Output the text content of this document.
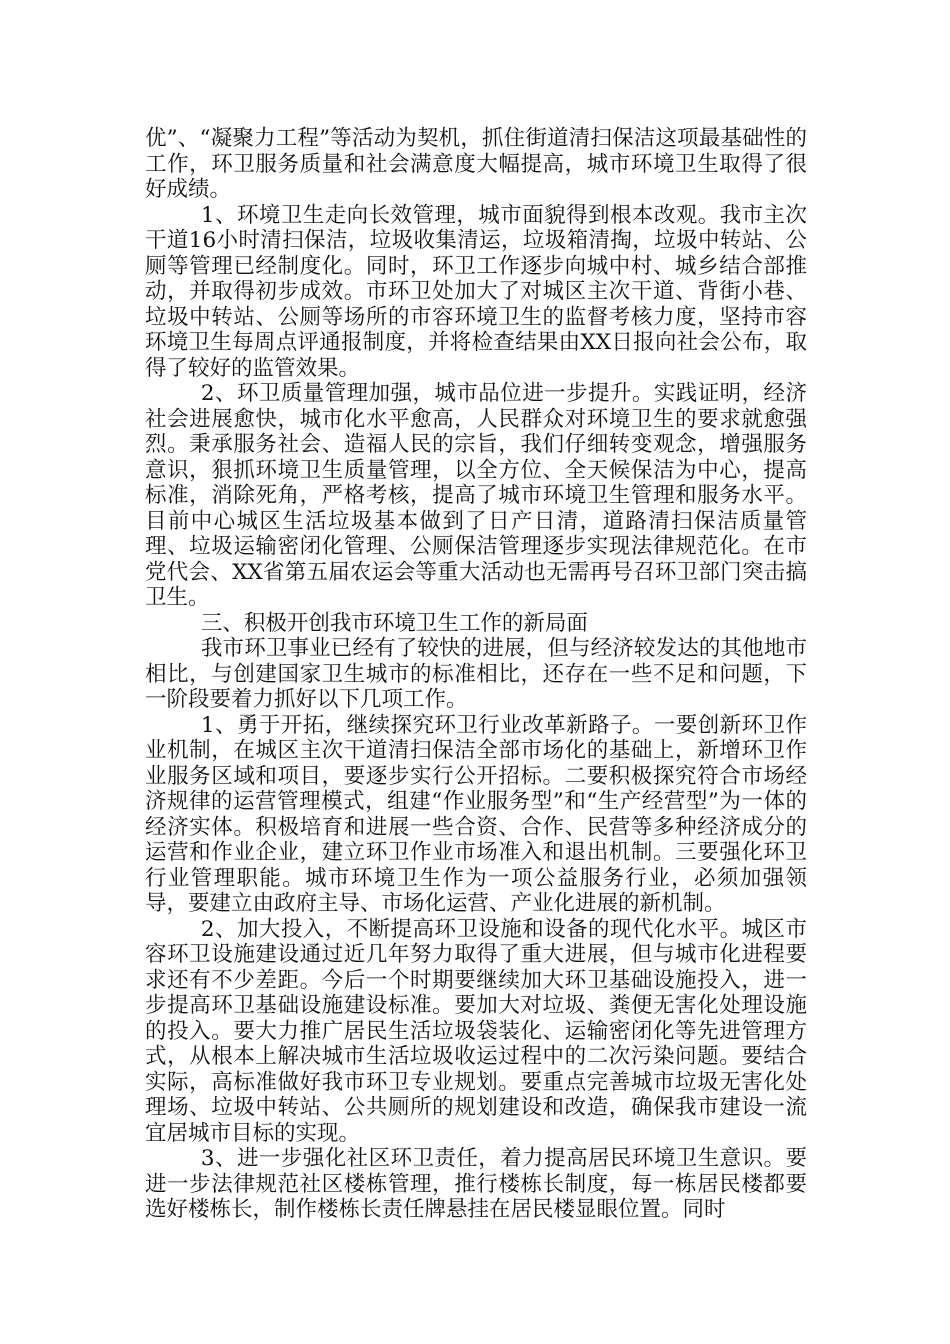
优”、“凝聚力工程”等活动为契机，抓住街道清扫保洁这项最基础性的工作，环卫服务质量和社会满意度大幅提高，城市环境卫生取得了很好成绩。

1、环境卫生走向长效管理，城市面貌得到根本改观。我市主次干道16小时清扫保洁，垃圾收集清运，垃圾箱清掏，垃圾中转站、公厕等管理已经制度化。同时，环卫工作逐步向城中村、城乡结合部推动，并取得初步成效。市环卫处加大了对城区主次干道、背街小巷、垃圾中转站、公厕等场所的市容环境卫生的监督考核力度，坚持市容环境卫生每周点评通报制度，并将检查结果由XX日报向社会公布，取得了较好的监管效果。

2、环卫质量管理加强，城市品位进一步提升。实践证明，经济社会进展愈快，城市化水平愈高，人民群众对环境卫生的要求就愈强烈。秉承服务社会、造福人民的宗旨，我们仔细转变观念，增强服务意识，狠抓环境卫生质量管理，以全方位、全天候保洁为中心，提高标准，消除死角，严格考核，提高了城市环境卫生管理和服务水平。目前中心城区生活垃圾基本做到了日产日清，道路清扫保洁质量管理、垃圾运输密闭化管理、公厕保洁管理逐步实现法律规范化。在市党代会、XX省第五届农运会等重大活动也无需再号召环卫部门突击搞卫生。

三、积极开创我市环境卫生工作的新局面

我市环卫事业已经有了较快的进展，但与经济较发达的其他地市相比，与创建国家卫生城市的标准相比，还存在一些不足和问题，下一阶段要着力抓好以下几项工作。

1、勇于开拓，继续探究环卫行业改革新路子。一要创新环卫作业机制，在城区主次干道清扫保洁全部市场化的基础上，新增环卫作业服务区域和项目，要逐步实行公开招标。二要积极探究符合市场经济规律的运营管理模式，组建“作业服务型”和“生产经营型”为一体的经济实体。积极培育和进展一些合资、合作、民营等多种经济成分的运营和作业企业，建立环卫作业市场准入和退出机制。三要强化环卫行业管理职能。城市环境卫生作为一项公益服务行业，必须加强领导，要建立由政府主导、市场化运营、产业化进展的新机制。

2、加大投入，不断提高环卫设施和设备的现代化水平。城区市容环卫设施建设通过近几年努力取得了重大进展，但与城市化进程要求还有不少差距。今后一个时期要继续加大环卫基础设施投入，进一步提高环卫基础设施建设标准。要加大对垃圾、粪便无害化处理设施的投入。要大力推广居民生活垃圾袋装化、运输密闭化等先进管理方式，从根本上解决城市生活垃圾收运过程中的二次污染问题。要结合实际，高标准做好我市环卫专业规划。要重点完善城市垃圾无害化处理场、垃圾中转站、公共厕所的规划建设和改造，确保我市建设一流宜居城市目标的实现。

3、进一步强化社区环卫责任，着力提高居民环境卫生意识。要进一步法律规范社区楼栋管理，推行楼栋长制度，每一栋居民楼都要选好楼栋长，制作楼栋长责任牌悬挂在居民楼显眼位置。同时
